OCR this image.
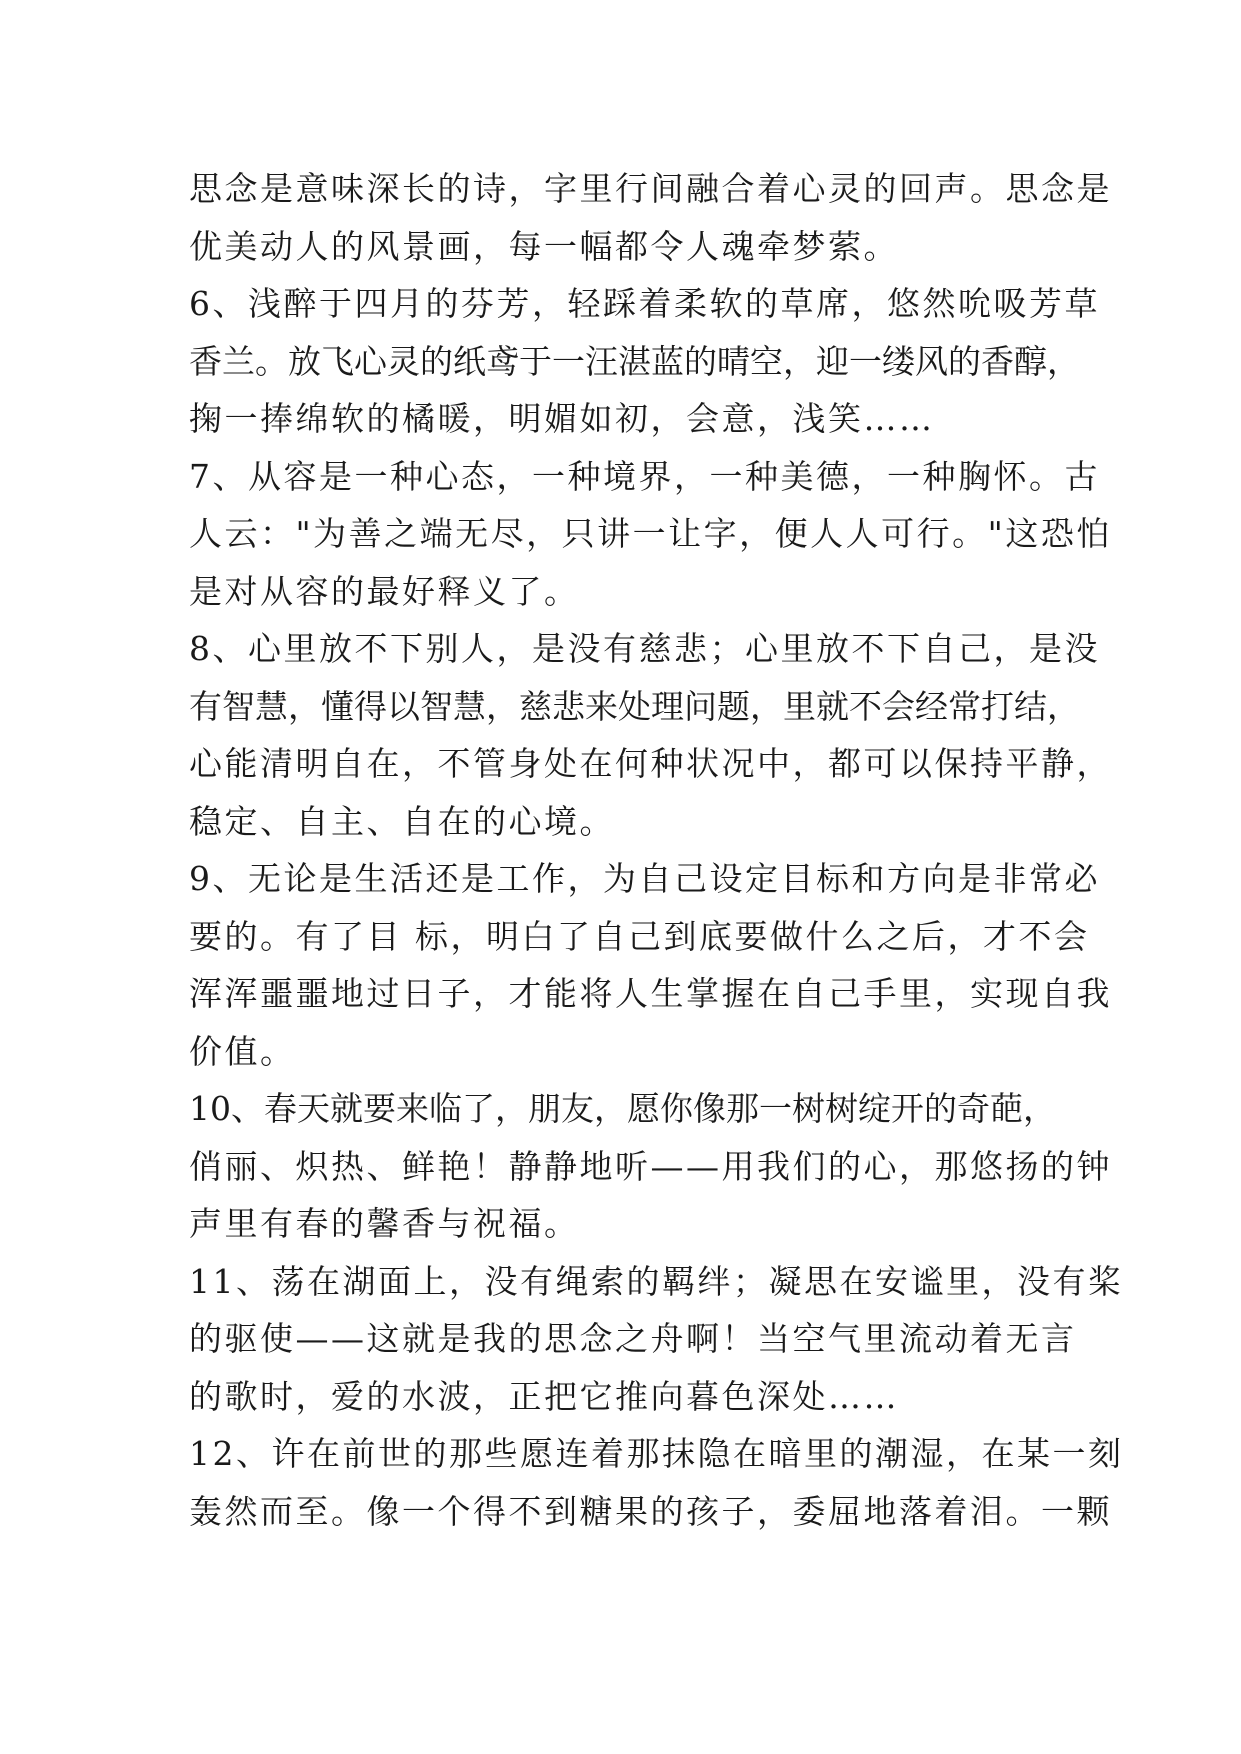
思念是意味深长的诗，字里行间融合着心灵的回声。思念是
优美动人的风景画，每一幅都令人魂牵梦萦。
6、浅醉于四月的芬芳，轻踩着柔软的草席，悠然吮吸芳草
香兰。放飞心灵的纸鸢于一汪湛蓝的晴空，迎一缕风的香醇，
掬一捧绵软的橘暖，明媚如初，会意，浅笑……
7、从容是一种心态，一种境界，一种美德，一种胸怀。古
人云："为善之端无尽，只讲一让字，便人人可行。"这恐怕
是对从容的最好释义了。
8、心里放不下别人，是没有慈悲；心里放不下自己，是没
有智慧，懂得以智慧，慈悲来处理问题，里就不会经常打结，
心能清明自在，不管身处在何种状况中，都可以保持平静，
稳定、自主、自在的心境。
9、无论是生活还是工作，为自己设定目标和方向是非常必
要的。有了目 标，明白了自己到底要做什么之后，才不会
浑浑噩噩地过日子，才能将人生掌握在自己手里，实现自我
价值。
10、春天就要来临了，朋友，愿你像那一树树绽开的奇葩，
俏丽、炽热、鲜艳！静静地听——用我们的心，那悠扬的钟
声里有春的馨香与祝福。
11、荡在湖面上，没有绳索的羁绊；凝思在安谧里，没有桨
的驱使——这就是我的思念之舟啊！当空气里流动着无言
的歌时，爱的水波，正把它推向暮色深处……
12、许在前世的那些愿连着那抹隐在暗里的潮湿，在某一刻
轰然而至。像一个得不到糖果的孩子，委屈地落着泪。一颗
